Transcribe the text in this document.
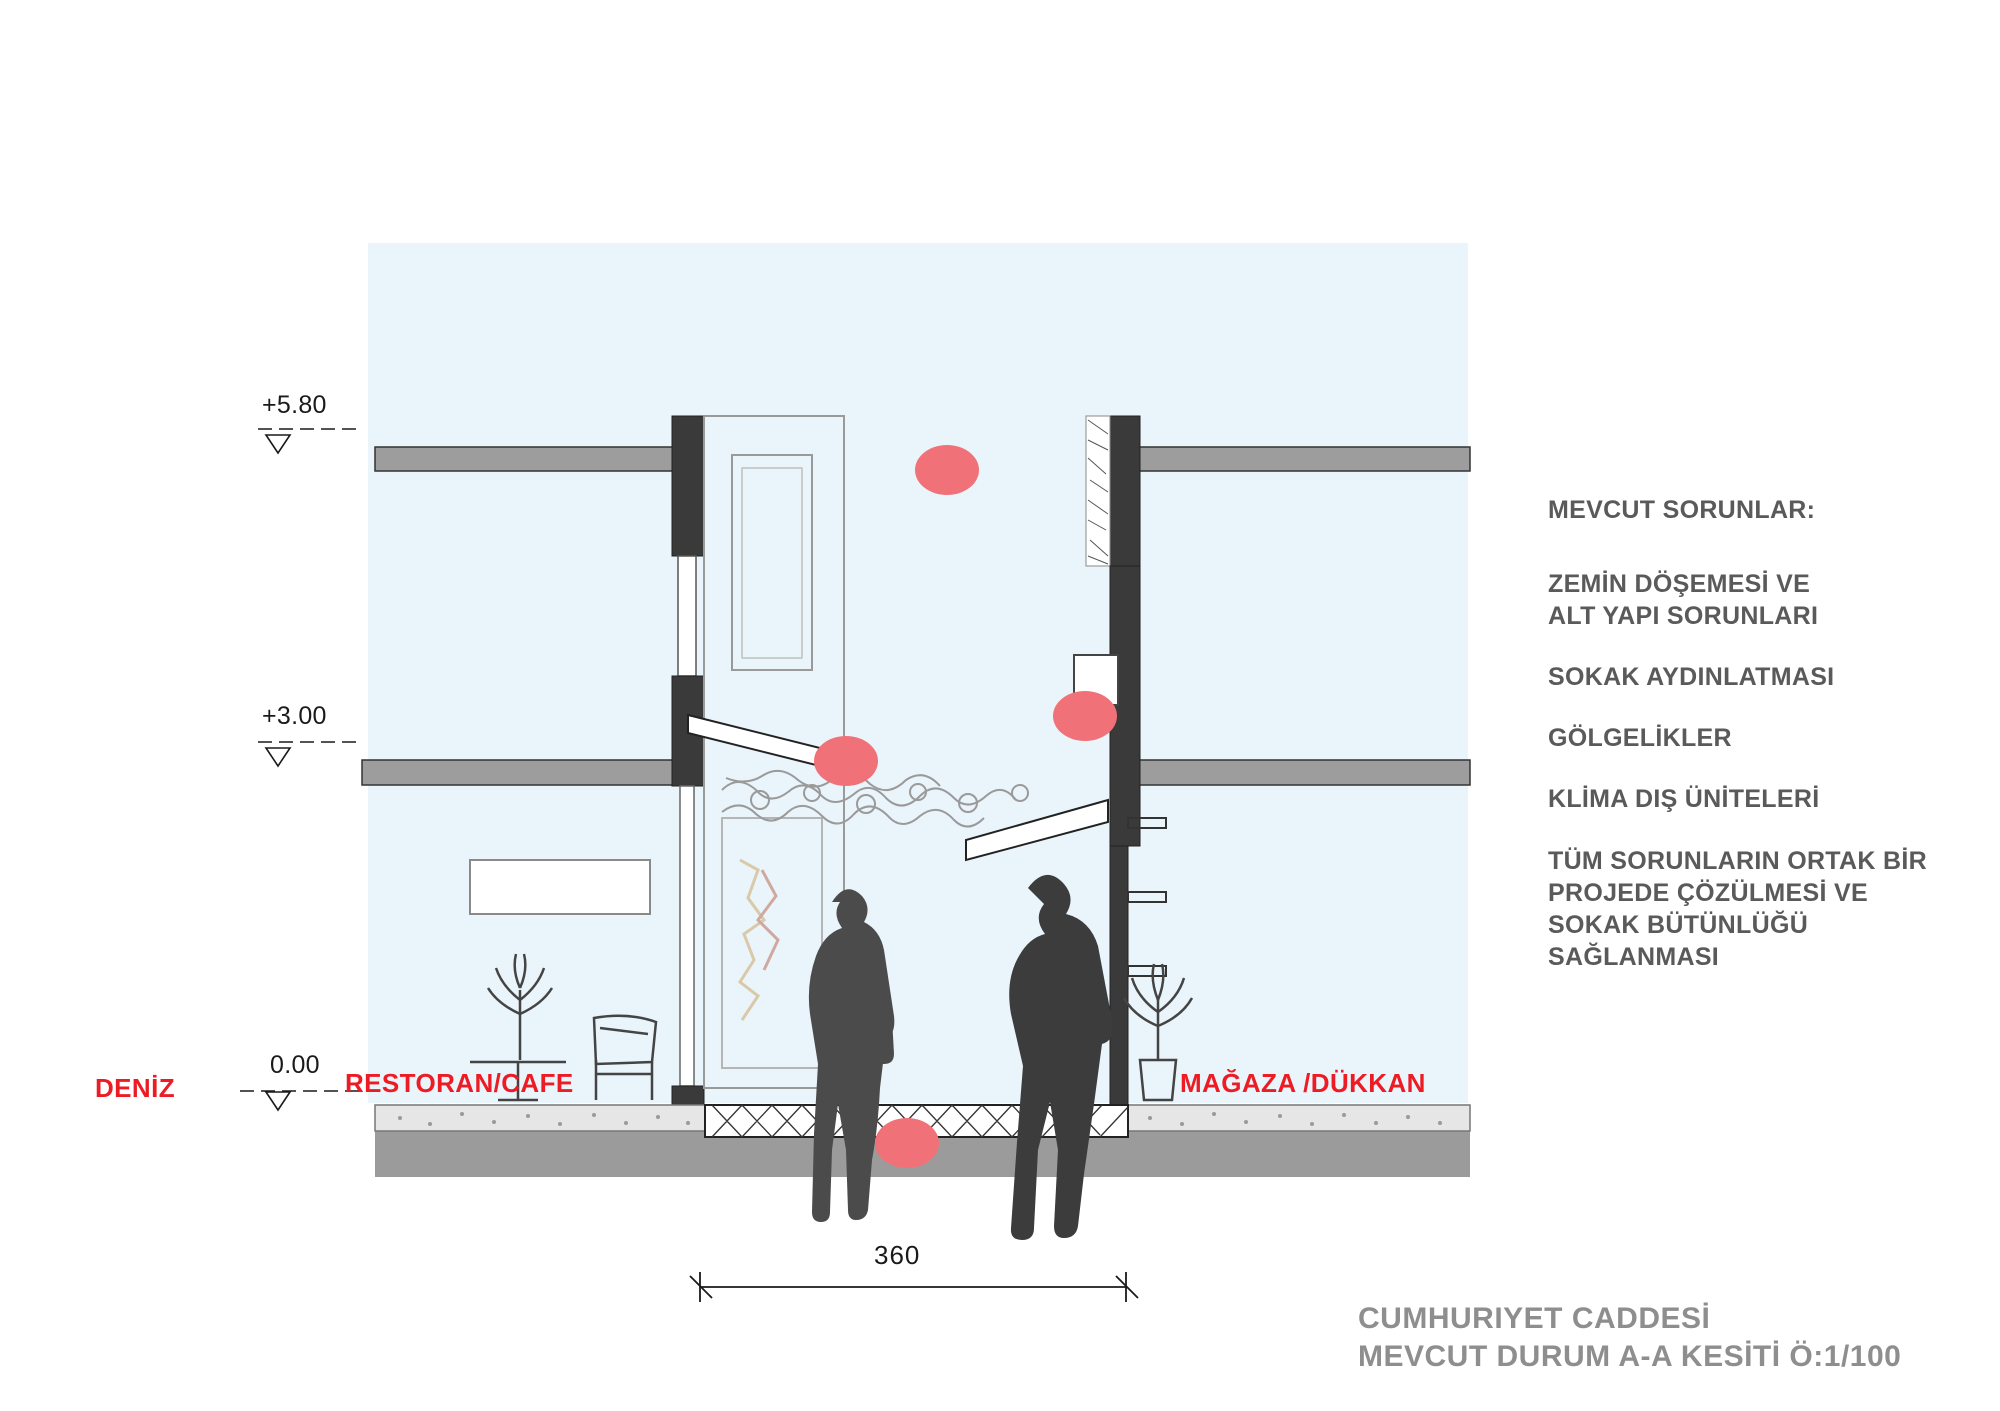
MEVCUT SORUNLAR:
ZEMİN DÖŞEMESİ VE
ALT YAPI SORUNLARI
SOKAK AYDINLATMASI
GÖLGELİKLER
KLİMA DIŞ ÜNİTELERİ
TÜM SORUNLARIN ORTAK BİR
PROJEDE ÇÖZÜLMESİ VE
SOKAK BÜTÜNLÜĞÜ
SAĞLANMASI
CUMHURIYET CADDESİ
MEVCUT DURUM A-A KESİTİ Ö:1/100
DENİZ	RESTORAN/CAFE	MAĞAZA /DÜKKAN
+5.80
+3.00
0.00
360
